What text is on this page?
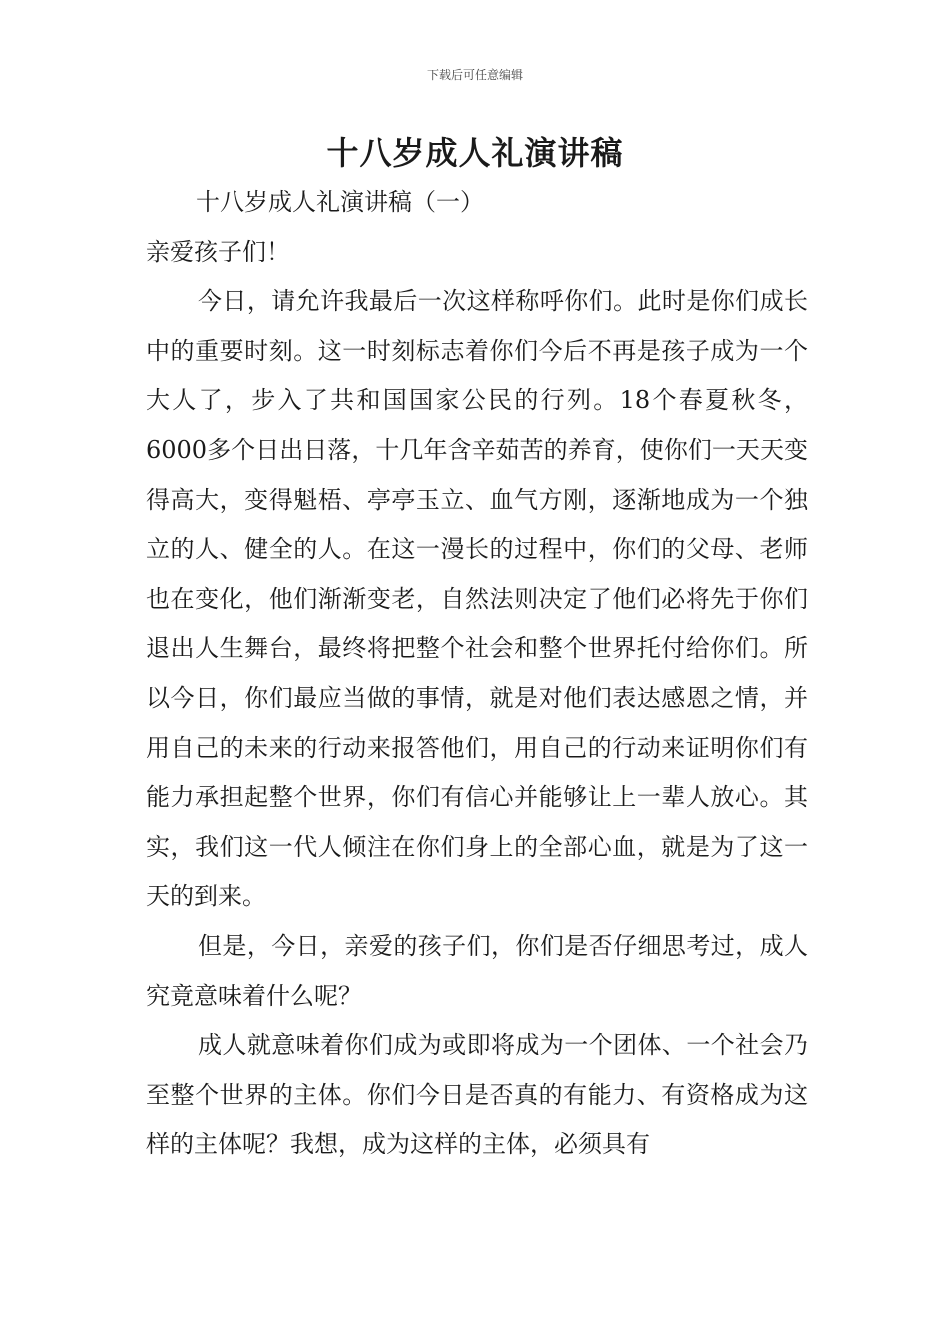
下载后可任意编辑
十八岁成人礼演讲稿

十八岁成人礼演讲稿（一）

亲爱孩子们！

今日，请允许我最后一次这样称呼你们。此时是你们成长中的重要时刻。这一时刻标志着你们今后不再是孩子成为一个大人了，步入了共和国国家公民的行列。18个春夏秋冬，6000多个日出日落，十几年含辛茹苦的养育，使你们一天天变得高大，变得魁梧、亭亭玉立、血气方刚，逐渐地成为一个独立的人、健全的人。在这一漫长的过程中，你们的父母、老师也在变化，他们渐渐变老，自然法则决定了他们必将先于你们退出人生舞台，最终将把整个社会和整个世界托付给你们。所以今日，你们最应当做的事情，就是对他们表达感恩之情，并用自己的未来的行动来报答他们，用自己的行动来证明你们有能力承担起整个世界，你们有信心并能够让上一辈人放心。其实，我们这一代人倾注在你们身上的全部心血，就是为了这一天的到来。

但是，今日，亲爱的孩子们，你们是否仔细思考过，成人究竟意味着什么呢？

成人就意味着你们成为或即将成为一个团体、一个社会乃至整个世界的主体。你们今日是否真的有能力、有资格成为这样的主体呢？我想，成为这样的主体，必须具有
